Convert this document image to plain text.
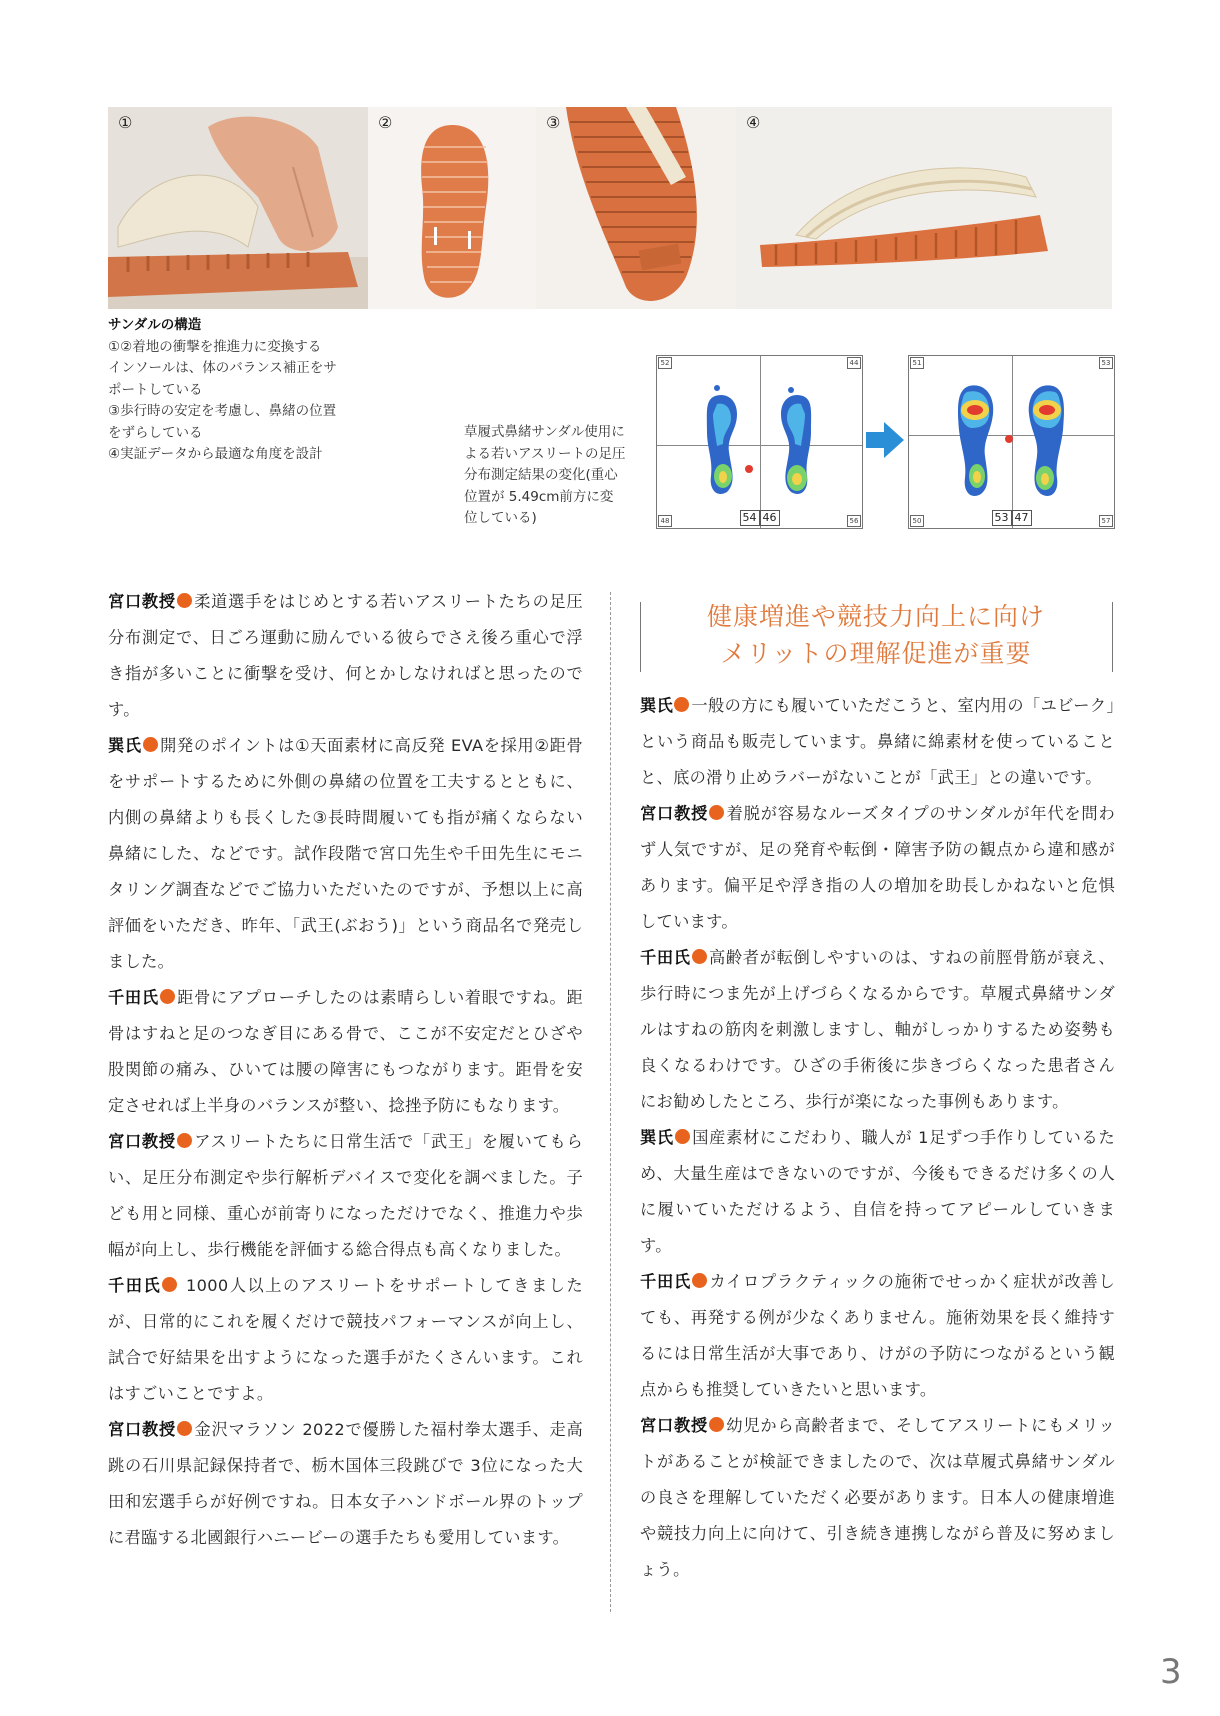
①	②	③	④
サンダルの構造
①②着地の衝撃を推進力に変換する
インソールは、体のバランス補正をサ
ポートしている
③歩行時の安定を考慮し、鼻緒の位置
をずらしている
④実証データから最適な角度を設計
草履式鼻緒サンダル使用に
よる若いアスリートの足圧
分布測定結果の変化(重心
位置が 5.49cm前方に変
位している)
52	44
48	56
54 46
51	53
50	57
53 47

宮口教授 柔道選手をはじめとする若いアスリートたちの足圧分布測定で、日ごろ運動に励んでいる彼らでさえ後ろ重心で浮き指が多いことに衝撃を受け、何とかしなければと思ったのです。

巽氏 開発のポイントは①天面素材に高反発 EVAを採用②距骨をサポートするために外側の鼻緒の位置を工夫するとともに、内側の鼻緒よりも長くした③長時間履いても指が痛くならない鼻緒にした、などです。試作段階で宮口先生や千田先生にモニタリング調査などでご協力いただいたのですが、予想以上に高評価をいただき、昨年、「武王(ぶおう)」という商品名で発売しました。

千田氏 距骨にアプローチしたのは素晴らしい着眼ですね。距骨はすねと足のつなぎ目にある骨で、ここが不安定だとひざや股関節の痛み、ひいては腰の障害にもつながります。距骨を安定させれば上半身のバランスが整い、捻挫予防にもなります。

宮口教授 アスリートたちに日常生活で「武王」を履いてもらい、足圧分布測定や歩行解析デバイスで変化を調べました。子ども用と同様、重心が前寄りになっただけでなく、推進力や歩幅が向上し、歩行機能を評価する総合得点も高くなりました。

千田氏 1000人以上のアスリートをサポートしてきましたが、日常的にこれを履くだけで競技パフォーマンスが向上し、試合で好結果を出すようになった選手がたくさんいます。これはすごいことですよ。

宮口教授 金沢マラソン 2022で優勝した福村拳太選手、走高跳の石川県記録保持者で、栃木国体三段跳びで 3位になった大田和宏選手らが好例ですね。日本女子ハンドボール界のトップに君臨する北國銀行ハニービーの選手たちも愛用しています。

健康増進や競技力向上に向け
メリットの理解促進が重要

巽氏 一般の方にも履いていただこうと、室内用の「ユビーク」という商品も販売しています。鼻緒に綿素材を使っていることと、底の滑り止めラバーがないことが「武王」との違いです。

宮口教授 着脱が容易なルーズタイプのサンダルが年代を問わず人気ですが、足の発育や転倒・障害予防の観点から違和感があります。偏平足や浮き指の人の増加を助長しかねないと危惧しています。

千田氏 高齢者が転倒しやすいのは、すねの前脛骨筋が衰え、歩行時につま先が上げづらくなるからです。草履式鼻緒サンダルはすねの筋肉を刺激しますし、軸がしっかりするため姿勢も良くなるわけです。ひざの手術後に歩きづらくなった患者さんにお勧めしたところ、歩行が楽になった事例もあります。

巽氏 国産素材にこだわり、職人が 1足ずつ手作りしているため、大量生産はできないのですが、今後もできるだけ多くの人に履いていただけるよう、自信を持ってアピールしていきます。

千田氏 カイロプラクティックの施術でせっかく症状が改善しても、再発する例が少なくありません。施術効果を長く維持するには日常生活が大事であり、けがの予防につながるという観点からも推奨していきたいと思います。

宮口教授 幼児から高齢者まで、そしてアスリートにもメリットがあることが検証できましたので、次は草履式鼻緒サンダルの良さを理解していただく必要があります。日本人の健康増進や競技力向上に向けて、引き続き連携しながら普及に努めましょう。

3
